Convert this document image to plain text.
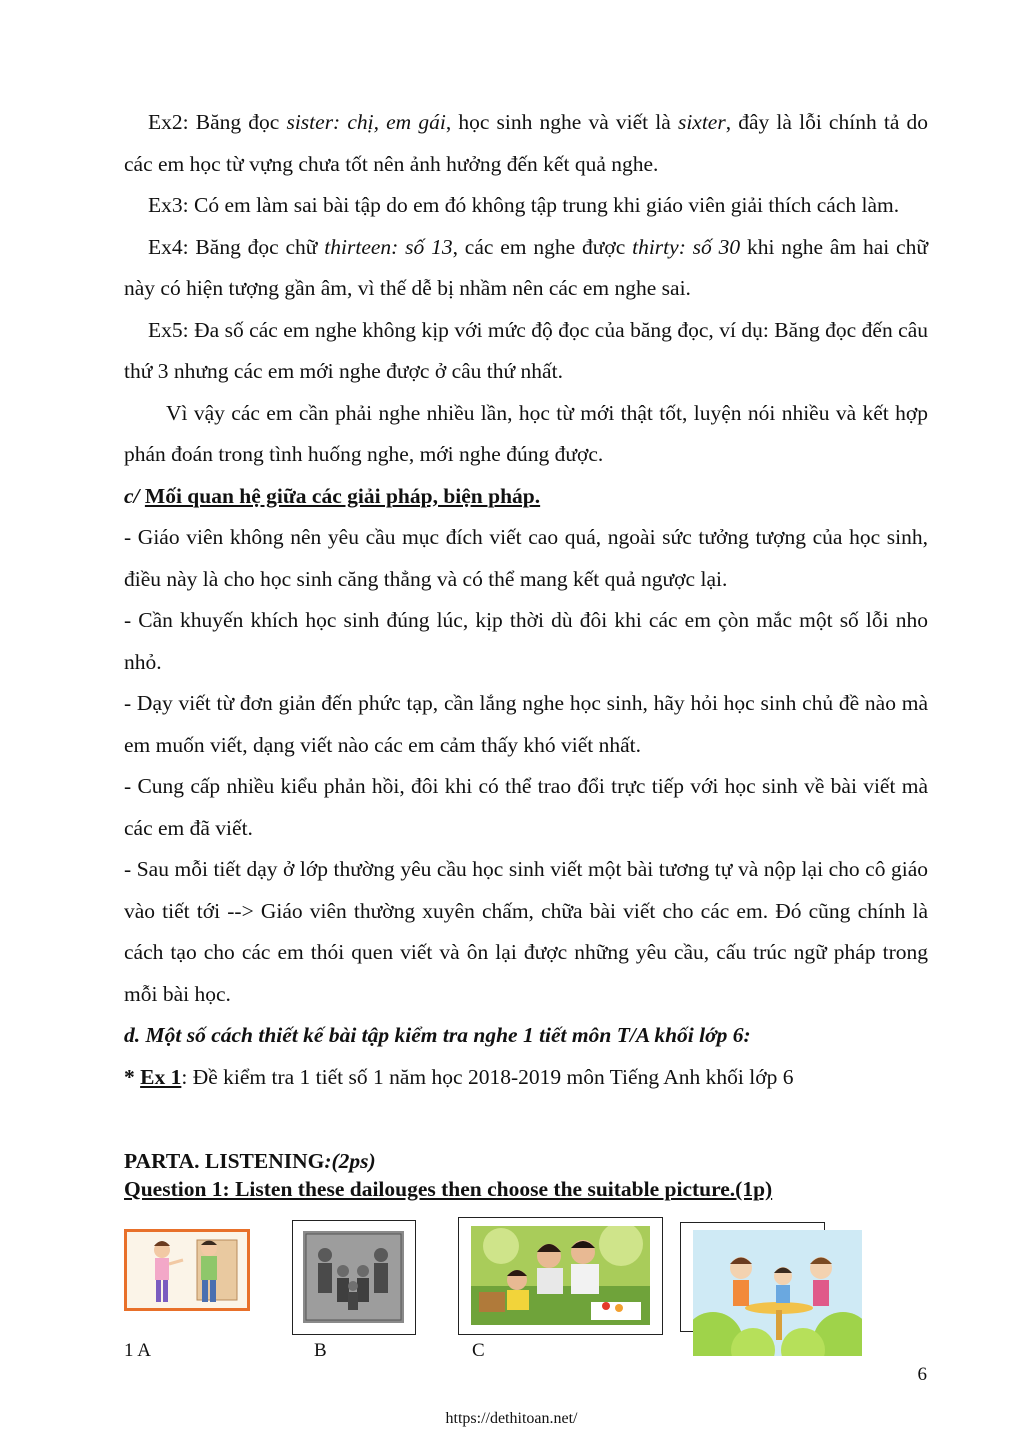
Ex2: Băng đọc sister: chị, em gái, học sinh nghe và viết là sixter, đây là lỗi chính tả do các em học từ vựng chưa tốt nên ảnh hưởng đến kết quả nghe.

Ex3: Có em làm sai bài tập do em đó không tập trung khi giáo viên giải thích cách làm.

Ex4: Băng đọc chữ thirteen: số 13, các em nghe được thirty: số 30 khi nghe âm hai chữ này có hiện tượng gần âm, vì thế dễ bị nhầm nên các em nghe sai.

Ex5: Đa số các em nghe không kịp với mức độ đọc của băng đọc, ví dụ: Băng đọc đến câu thứ 3 nhưng các em mới nghe được ở câu thứ nhất.

Vì vậy các em cần phải nghe nhiều lần, học từ mới thật tốt, luyện nói nhiều và kết hợp phán đoán trong tình huống nghe, mới nghe đúng được.

c/ Mối quan hệ giữa các giải pháp, biện pháp.

- Giáo viên không nên yêu cầu mục đích viết cao quá, ngoài sức tưởng tượng của học sinh, điều này là cho học sinh căng thẳng và có thể mang kết quả ngược lại.

- Cần khuyến khích học sinh đúng lúc, kịp thời dù đôi khi các em çòn mắc một số lỗi nho nhỏ.

- Dạy viết từ đơn giản đến phức tạp, cần lắng nghe học sinh, hãy hỏi học sinh chủ đề nào mà em muốn viết, dạng viết nào các em cảm thấy khó viết nhất.

- Cung cấp nhiều kiểu phản hồi, đôi khi có thể trao đổi trực tiếp với học sinh về bài viết mà các em đã viết.

- Sau mỗi tiết dạy ở lớp thường yêu cầu học sinh viết một bài tương tự và nộp lại cho cô giáo vào tiết tới --> Giáo viên thường xuyên chấm, chữa bài viết cho các em. Đó cũng chính là cách tạo cho các em thói quen viết và ôn lại được những yêu cầu, cấu trúc ngữ pháp trong mỗi bài học.

d. Một số cách thiết kế bài tập kiểm tra nghe 1 tiết môn T/A khối lớp 6:

* Ex 1: Đề kiểm tra 1 tiết số 1 năm học 2018-2019 môn Tiếng Anh khối lớp 6

PARTA. LISTENING:(2ps)
Question 1: Listen these dailouges then choose the suitable picture.(1p)
1 A	B	C
6
https://dethitoan.net/
